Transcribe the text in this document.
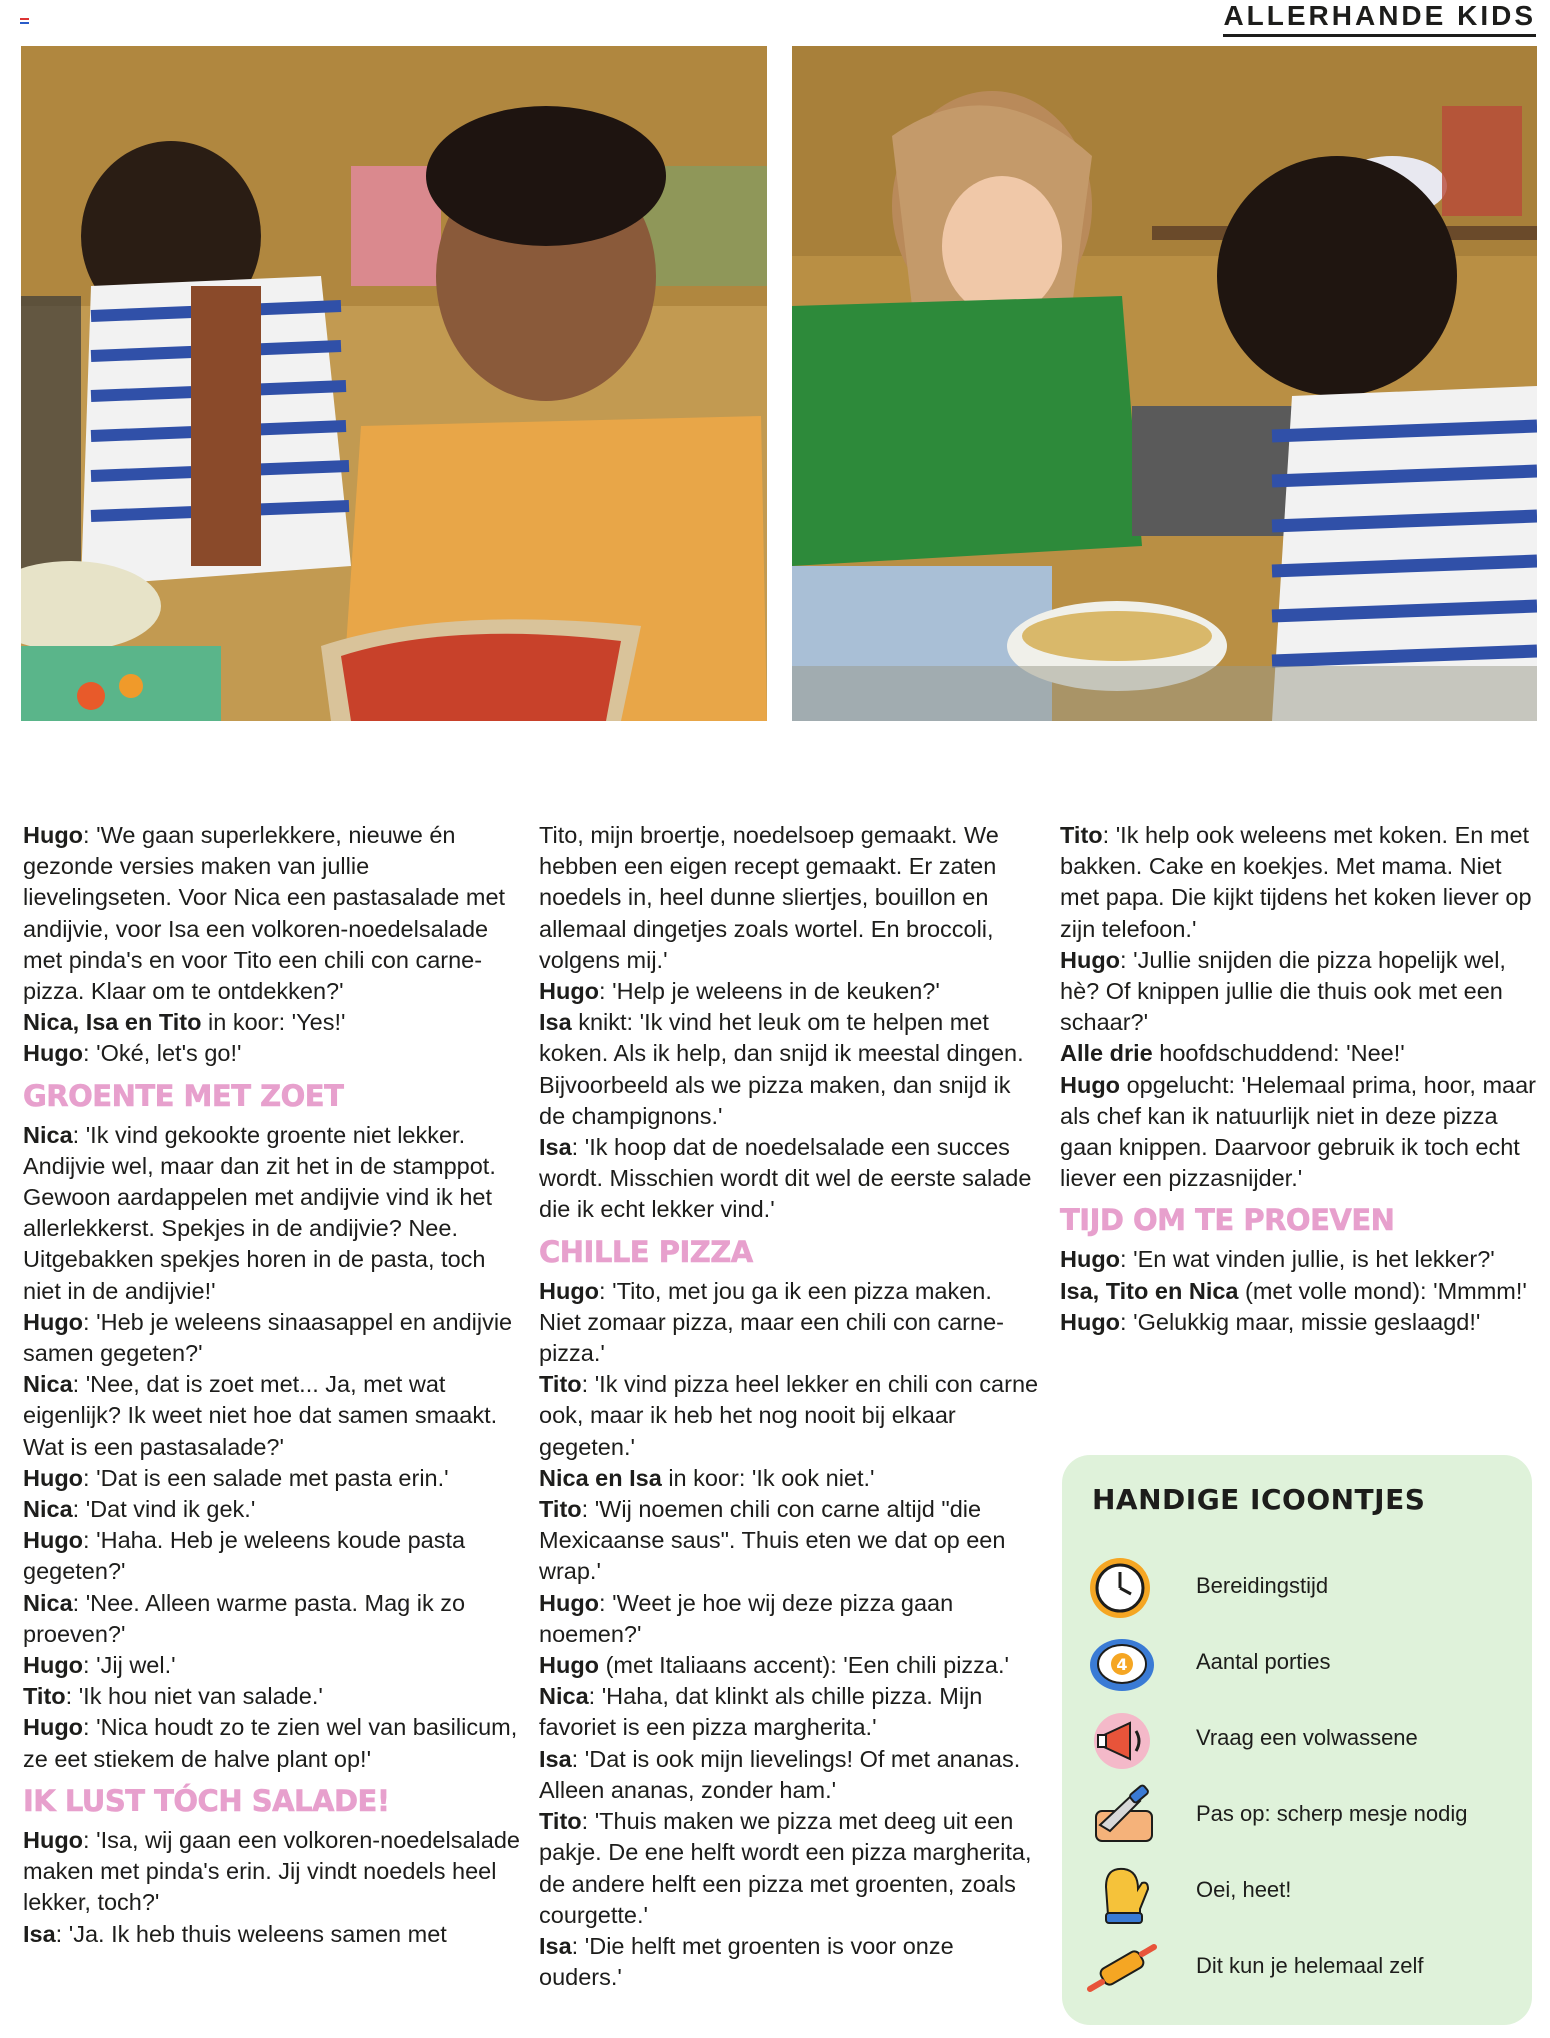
ALLERHANDE KIDS

Hugo: 'We gaan superlekkere, nieuwe én gezonde versies maken van jullie lievelingseten. Voor Nica een pastasalade met andijvie, voor Isa een volkoren-noedelsalade met pinda's en voor Tito een chili con carne-pizza. Klaar om te ontdekken?'

Nica, Isa en Tito in koor: 'Yes!'

Hugo: 'Oké, let's go!'

GROENTE MET ZOET

Nica: 'Ik vind gekookte groente niet lekker. Andijvie wel, maar dan zit het in de stamppot. Gewoon aardappelen met andijvie vind ik het allerlekkerst. Spekjes in de andijvie? Nee. Uitgebakken spekjes horen in de pasta, toch niet in de andijvie!'

Hugo: 'Heb je weleens sinaasappel en andijvie samen gegeten?'

Nica: 'Nee, dat is zoet met... Ja, met wat eigenlijk? Ik weet niet hoe dat samen smaakt. Wat is een pastasalade?'

Hugo: 'Dat is een salade met pasta erin.'

Nica: 'Dat vind ik gek.'

Hugo: 'Haha. Heb je weleens koude pasta gegeten?'

Nica: 'Nee. Alleen warme pasta. Mag ik zo proeven?'

Hugo: 'Jij wel.'

Tito: 'Ik hou niet van salade.'

Hugo: 'Nica houdt zo te zien wel van basilicum, ze eet stiekem de halve plant op!'

IK LUST TÓCH SALADE!

Hugo: 'Isa, wij gaan een volkoren-noedelsalade maken met pinda's erin. Jij vindt noedels heel lekker, toch?'

Isa: 'Ja. Ik heb thuis weleens samen met

Tito, mijn broertje, noedelsoep gemaakt. We hebben een eigen recept gemaakt. Er zaten noedels in, heel dunne sliertjes, bouillon en allemaal dingetjes zoals wortel. En broccoli, volgens mij.'

Hugo: 'Help je weleens in de keuken?'

Isa knikt: 'Ik vind het leuk om te helpen met koken. Als ik help, dan snijd ik meestal dingen. Bijvoorbeeld als we pizza maken, dan snijd ik de champignons.'

Isa: 'Ik hoop dat de noedelsalade een succes wordt. Misschien wordt dit wel de eerste salade die ik echt lekker vind.'

CHILLE PIZZA

Hugo: 'Tito, met jou ga ik een pizza maken. Niet zomaar pizza, maar een chili con carne-pizza.'

Tito: 'Ik vind pizza heel lekker en chili con carne ook, maar ik heb het nog nooit bij elkaar gegeten.'

Nica en Isa in koor: 'Ik ook niet.'

Tito: 'Wij noemen chili con carne altijd "die Mexicaanse saus". Thuis eten we dat op een wrap.'

Hugo: 'Weet je hoe wij deze pizza gaan noemen?'

Hugo (met Italiaans accent): 'Een chili pizza.'

Nica: 'Haha, dat klinkt als chille pizza. Mijn favoriet is een pizza margherita.'

Isa: 'Dat is ook mijn lievelings! Of met ananas. Alleen ananas, zonder ham.'

Tito: 'Thuis maken we pizza met deeg uit een pakje. De ene helft wordt een pizza margherita, de andere helft een pizza met groenten, zoals courgette.'

Isa: 'Die helft met groenten is voor onze ouders.'

Tito: 'Ik help ook weleens met koken. En met bakken. Cake en koekjes. Met mama. Niet met papa. Die kijkt tijdens het koken liever op zijn telefoon.'

Hugo: 'Jullie snijden die pizza hopelijk wel, hè? Of knippen jullie die thuis ook met een schaar?'

Alle drie hoofdschuddend: 'Nee!'

Hugo opgelucht: 'Helemaal prima, hoor, maar als chef kan ik natuurlijk niet in deze pizza gaan knippen. Daarvoor gebruik ik toch echt liever een pizzasnijder.'

TIJD OM TE PROEVEN

Hugo: 'En wat vinden jullie, is het lekker?'

Isa, Tito en Nica (met volle mond): 'Mmmm!'

Hugo: 'Gelukkig maar, missie geslaagd!'

HANDIGE ICOONTJES
Bereidingstijd
4	Aantal porties
Vraag een volwassene
Pas op: scherp mesje nodig
Oei, heet!
Dit kun je helemaal zelf
